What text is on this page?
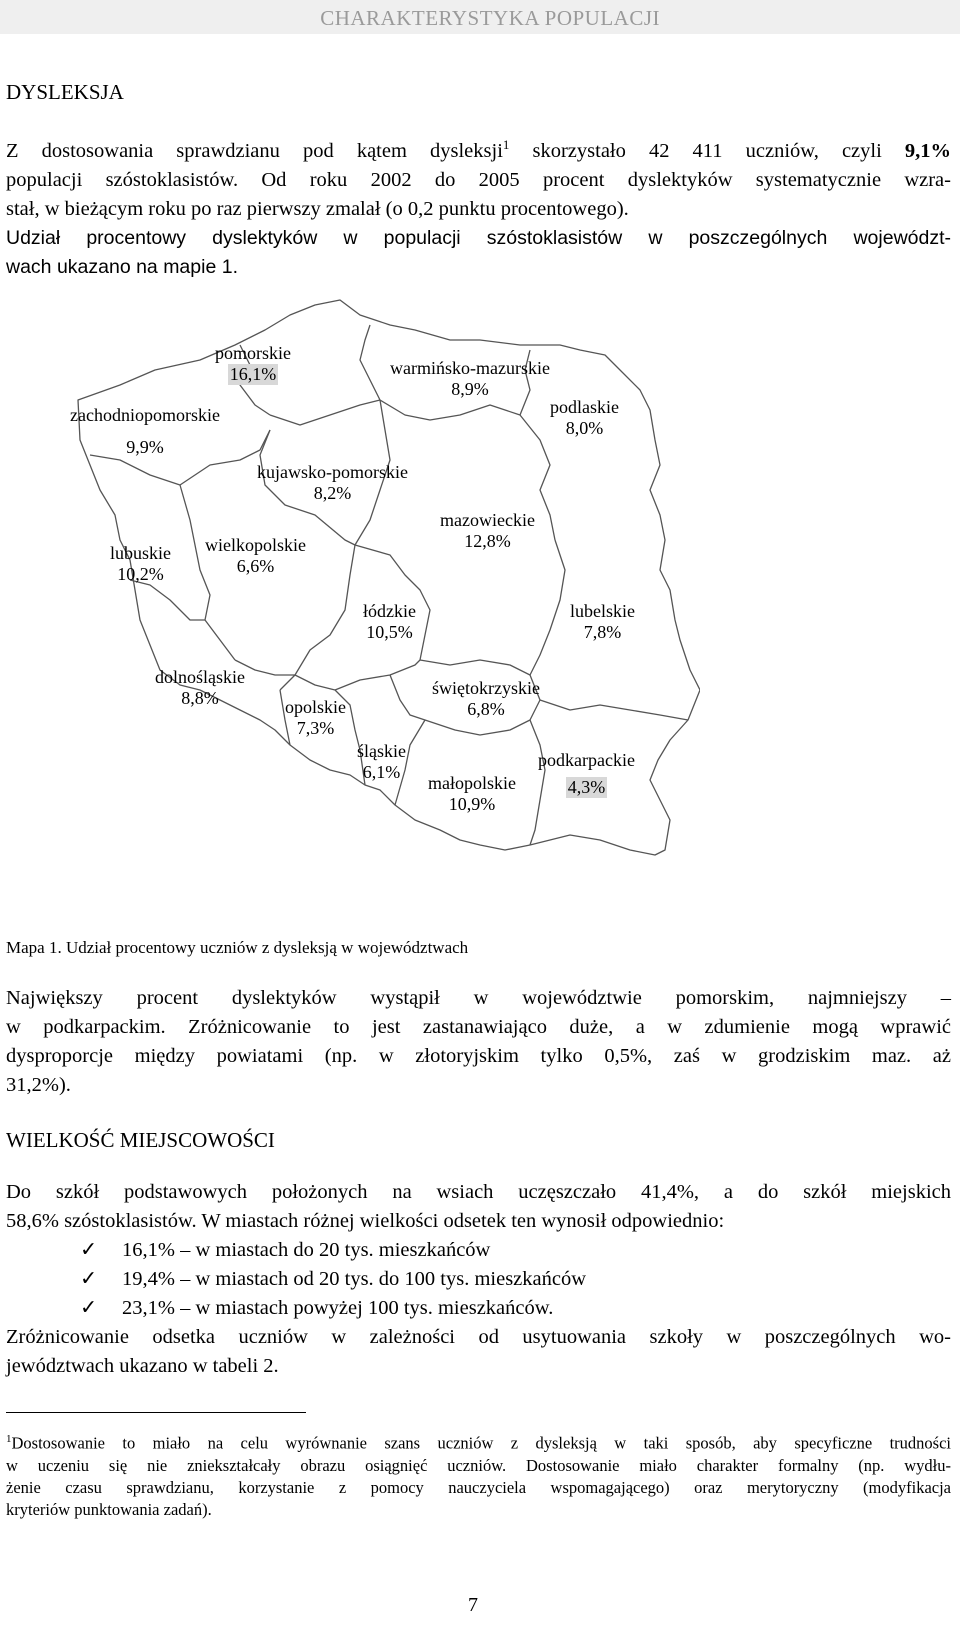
CHARAKTERYSTYKA POPULACJI
DYSLEKSJA
Z dostosowania sprawdzianu pod kątem dysleksji$^1$ skorzystało 42 411 uczniów, czyli 9,1%
populacji szóstoklasistów. Od roku 2002 do 2005 procent dyslektyków systematycznie wzra-
stał, w bieżącym roku po raz pierwszy zmalał (o 0,2 punktu procentowego).
Udział procentowy dyslektyków w populacji szóstoklasistów w poszczególnych województ-
wach ukazano na mapie 1.
pomorskie
16,1%	warmińsko-mazurskie
8,9%
zachodniopomorskie
9,9%
podlaskie
8,0%
kujawsko-pomorskie
8,2%
mazowieckie
12,8%
lubuskie
10,2%
wielkopolskie
6,6%
łódzkie
10,5%
lubelskie
7,8%
dolnośląskie
8,8%	świętokrzyskie
6,8%
opolskie
7,3%
śląskie
6,1%
podkarpackie
4,3%
małopolskie
10,9%
Mapa 1. Udział procentowy uczniów z dysleksją w województwach
Największy procent dyslektyków wystąpił w województwie pomorskim, najmniejszy –
w podkarpackim. Zróżnicowanie to jest zastanawiająco duże, a w zdumienie mogą wprawić
dysproporcje między powiatami (np. w złotoryjskim tylko 0,5%, zaś w grodziskim maz. aż
31,2%).
WIELKOŚĆ MIEJSCOWOŚCI
Do szkół podstawowych położonych na wsiach uczęszczało 41,4%, a do szkół miejskich
58,6% szóstoklasistów. W miastach różnej wielkości odsetek ten wynosił odpowiednio:
✓ 16,1% – w miastach do 20 tys. mieszkańców
✓ 19,4% – w miastach od 20 tys. do 100 tys. mieszkańców
✓ 23,1% – w miastach powyżej 100 tys. mieszkańców.
Zróżnicowanie odsetka uczniów w zależności od usytuowania szkoły w poszczególnych wo-
jewództwach ukazano w tabeli 2.
$^1$Dostosowanie to miało na celu wyrównanie szans uczniów z dysleksją w taki sposób, aby specyficzne trudności
w uczeniu się nie zniekształcały obrazu osiągnięć uczniów. Dostosowanie miało charakter formalny (np. wydłu-
żenie czasu sprawdzianu, korzystanie z pomocy nauczyciela wspomagającego) oraz merytoryczny (modyfikacja
kryteriów punktowania zadań).
7
